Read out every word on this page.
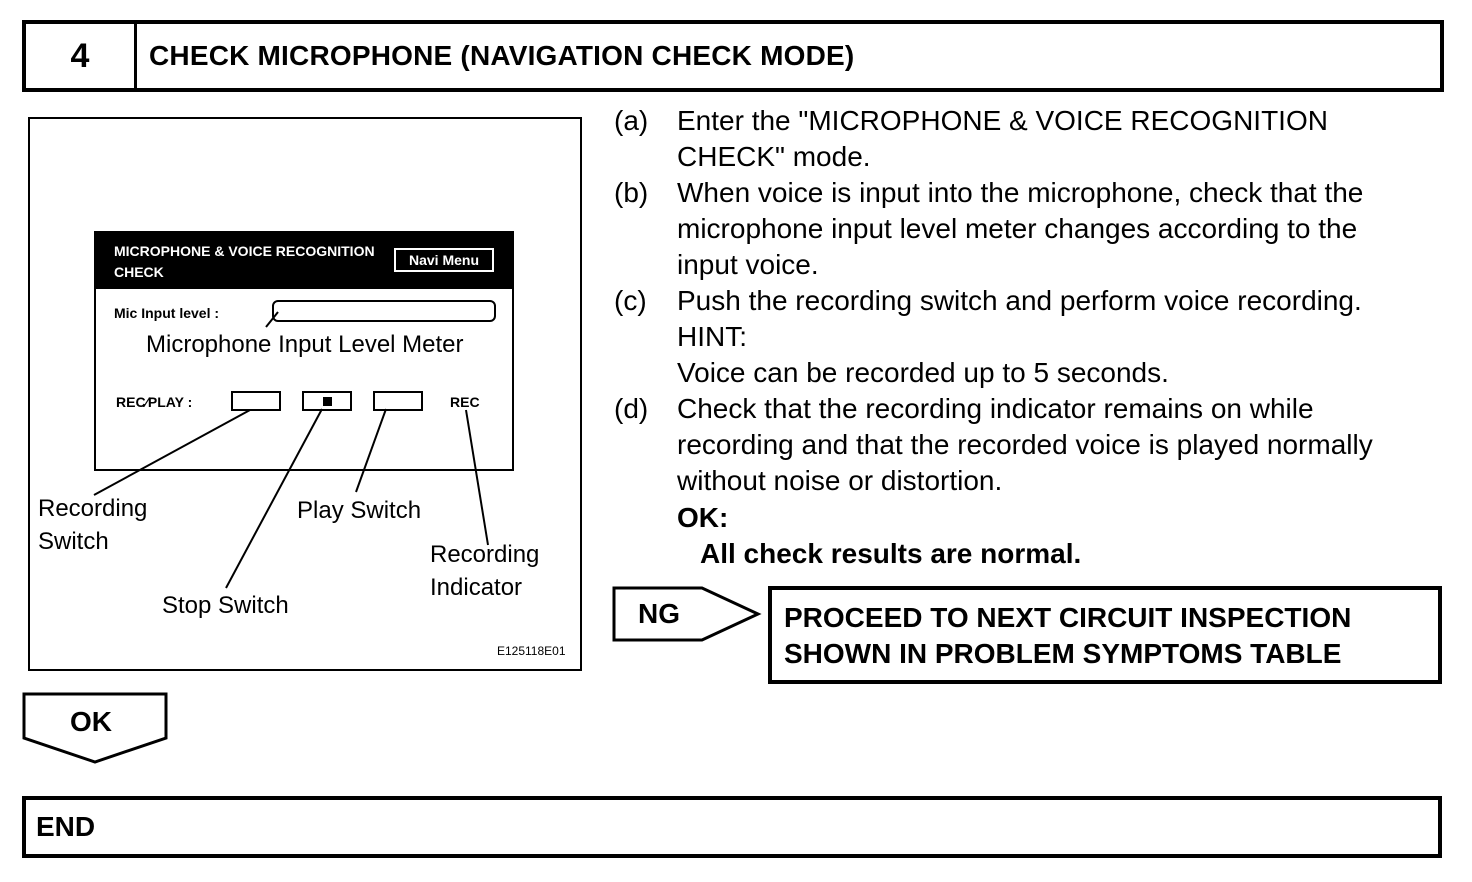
4	CHECK MICROPHONE (NAVIGATION CHECK MODE)
MICROPHONE & VOICE RECOGNITION CHECK
Navi Menu
Mic Input level :
REC∕PLAY :	REC
Microphone Input Level Meter
Recording
Switch
Play Switch
Stop Switch
Recording
Indicator
E125118E01
(a) Enter the "MICROPHONE & VOICE RECOGNITION
CHECK" mode.
(b) When voice is input into the microphone, check that the
microphone input level meter changes according to the
input voice.
(c) Push the recording switch and perform voice recording.
HINT:
Voice can be recorded up to 5 seconds.
(d) Check that the recording indicator remains on while
recording and that the recorded voice is played normally
without noise or distortion.
OK:
All check results are normal.
NG	PROCEED TO NEXT CIRCUIT INSPECTION
SHOWN IN PROBLEM SYMPTOMS TABLE
OK
END
